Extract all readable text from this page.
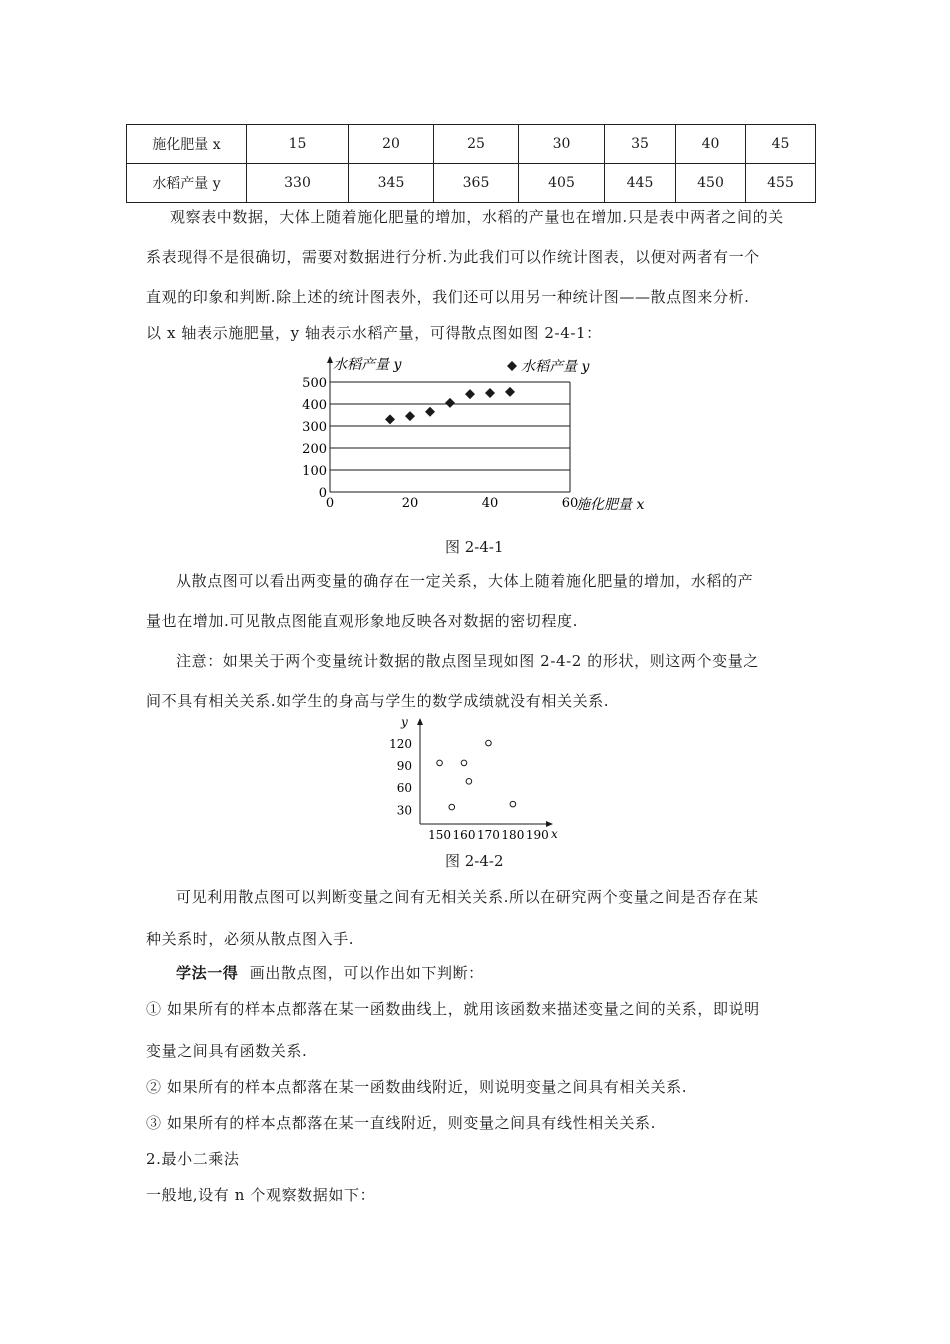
施化肥量 x	15	20	25	30	35	40	45
水稻产量 y	330	345	365	405	445	450	455
观察表中数据，大体上随着施化肥量的增加，水稻的产量也在增加.只是表中两者之间的关
系表现得不是很确切，需要对数据进行分析.为此我们可以作统计图表，以便对两者有一个
直观的印象和判断.除上述的统计图表外，我们还可以用另一种统计图——散点图来分析.
以 x 轴表示施肥量，y 轴表示水稻产量，可得散点图如图 2-4-1：
0
100
200
300
400
500
0	20	40	60
水稻产量 y
施化肥量 x
水稻产量 y
图 2-4-1
从散点图可以看出两变量的确存在一定关系，大体上随着施化肥量的增加，水稻的产
量也在增加.可见散点图能直观形象地反映各对数据的密切程度.
注意：如果关于两个变量统计数据的散点图呈现如图 2-4-2 的形状，则这两个变量之
间不具有相关关系.如学生的身高与学生的数学成绩就没有相关关系.
30
60
90
120
150 160 170 180 190
y
x
图 2-4-2
可见利用散点图可以判断变量之间有无相关关系.所以在研究两个变量之间是否存在某
种关系时，必须从散点图入手.
学法一得 画出散点图，可以作出如下判断：
① 如果所有的样本点都落在某一函数曲线上，就用该函数来描述变量之间的关系，即说明
变量之间具有函数关系.
② 如果所有的样本点都落在某一函数曲线附近，则说明变量之间具有相关关系.
③ 如果所有的样本点都落在某一直线附近，则变量之间具有线性相关关系.
2.最小二乘法
一般地,设有 n 个观察数据如下：
